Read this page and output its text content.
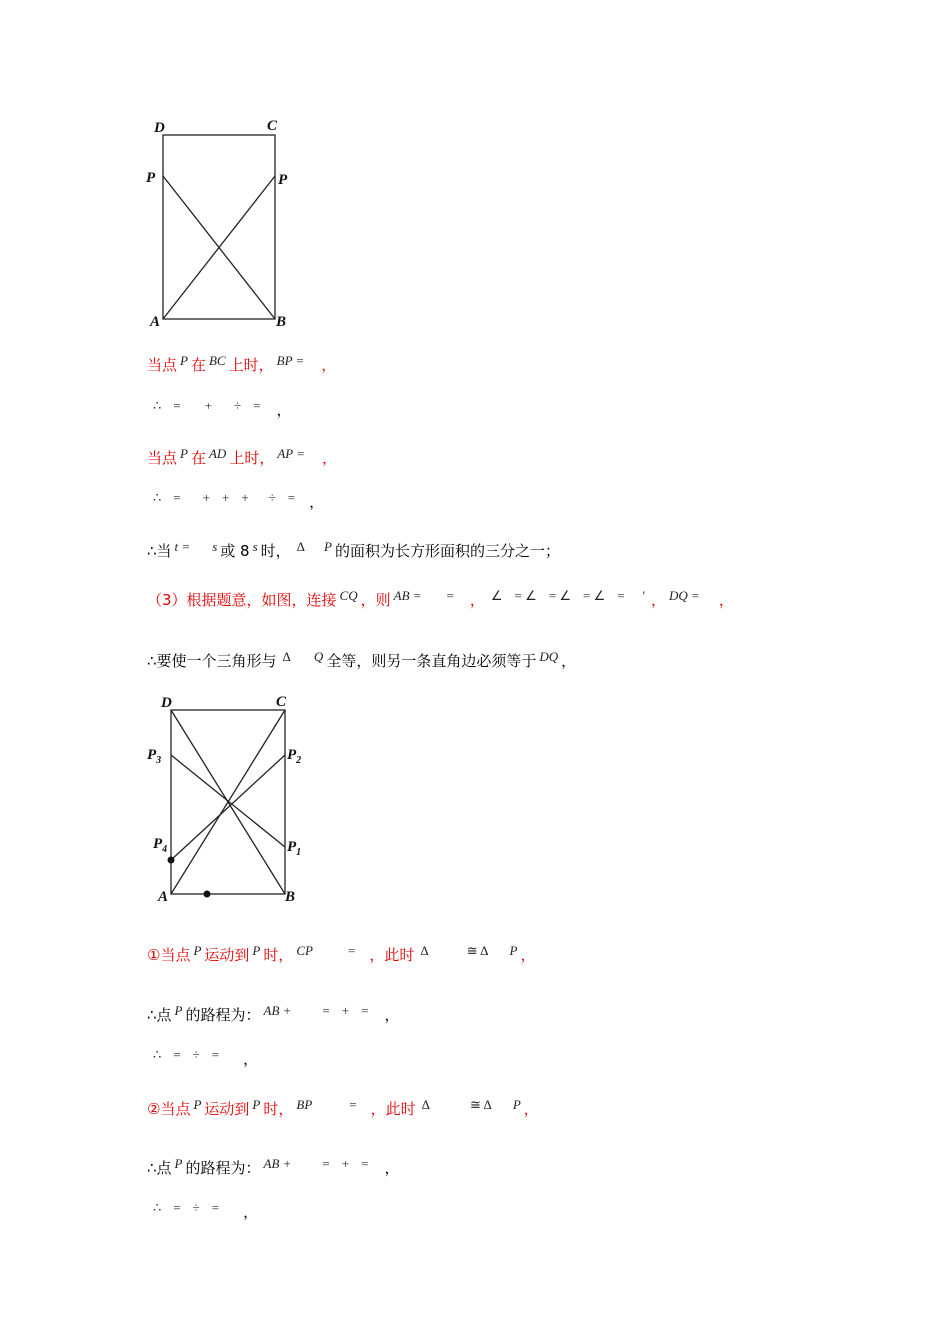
D	C
P	P
A	B
当点 P 在 BC 上时， BP = ，
∴ = + ÷ = ，
当点 P 在 AD 上时， AP = ，
∴ = + + + ÷ = ，
∴当 t = s 或 8 s 时， Δ P 的面积为长方形面积的三分之一；
（3）根据题意，如图，连接 CQ ，则 AB = = ， ∠ = ∠ = ∠ = ∠ = ' ， DQ = ，
∴要使一个三角形与 Δ Q 全等，则另一条直角边必须等于 DQ ，
D	C
$P_3$	$P_2$
$P_4$	$P_1$
A	B
①当点 P 运动到 P 时， CP	= ，此时 Δ	≅ Δ P ，
∴点 P 的路程为： AB + = + = ，
∴ = ÷ = ，
②当点 P 运动到 P 时， BP	= ，此时 Δ	≅ Δ P ，
∴点 P 的路程为： AB + = + = ，
∴ = ÷ = ，
